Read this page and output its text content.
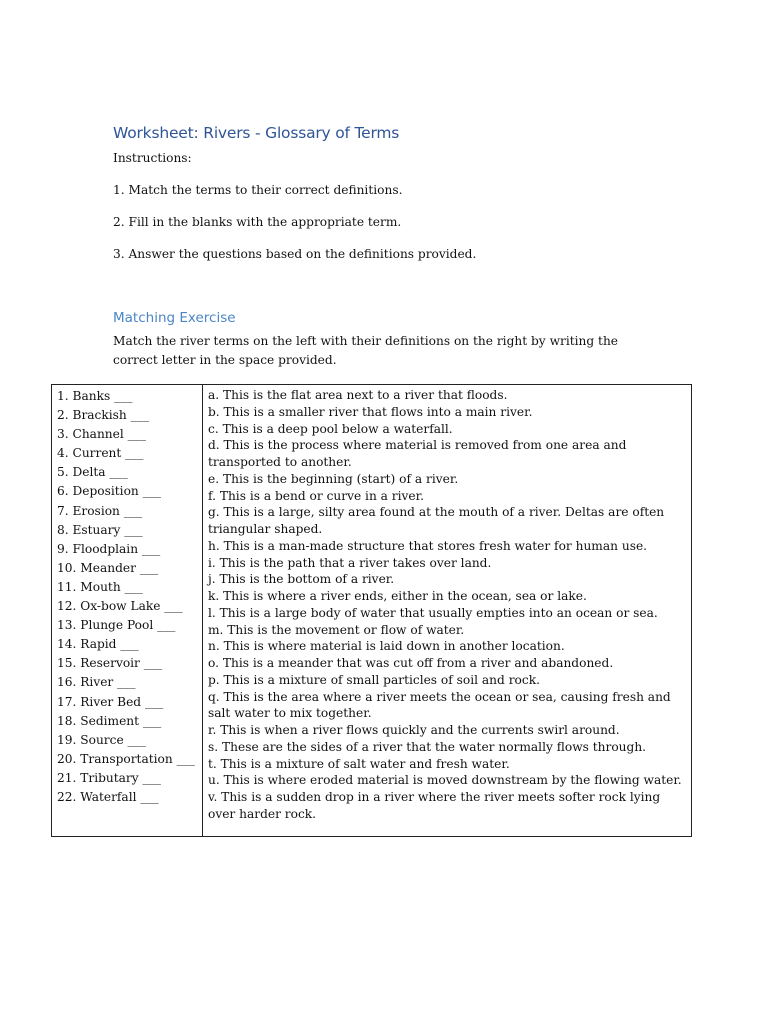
Worksheet: Rivers - Glossary of Terms
Instructions:
1. Match the terms to their correct definitions.
2. Fill in the blanks with the appropriate term.
3. Answer the questions based on the definitions provided.
Matching Exercise
Match the river terms on the left with their definitions on the right by writing the correct letter in the space provided.
1. Banks ___
2. Brackish ___
3. Channel ___
4. Current ___
5. Delta ___
6. Deposition ___
7. Erosion ___
8. Estuary ___
9. Floodplain ___
10. Meander ___
11. Mouth ___
12. Ox-bow Lake ___
13. Plunge Pool ___
14. Rapid ___
15. Reservoir ___
16. River ___
17. River Bed ___
18. Sediment ___
19. Source ___
20. Transportation ___
21. Tributary ___
22. Waterfall ___

a. This is the flat area next to a river that floods.
b. This is a smaller river that flows into a main river.
c. This is a deep pool below a waterfall.
d. This is the process where material is removed from one area and transported to another.
e. This is the beginning (start) of a river.
f. This is a bend or curve in a river.
g. This is a large, silty area found at the mouth of a river. Deltas are often triangular shaped.
h. This is a man-made structure that stores fresh water for human use.
i. This is the path that a river takes over land.
j. This is the bottom of a river.
k. This is where a river ends, either in the ocean, sea or lake.
l. This is a large body of water that usually empties into an ocean or sea.
m. This is the movement or flow of water.
n. This is where material is laid down in another location.
o. This is a meander that was cut off from a river and abandoned.
p. This is a mixture of small particles of soil and rock.
q. This is the area where a river meets the ocean or sea, causing fresh and salt water to mix together.
r. This is when a river flows quickly and the currents swirl around.
s. These are the sides of a river that the water normally flows through.
t. This is a mixture of salt water and fresh water.
u. This is where eroded material is moved downstream by the flowing water.
v. This is a sudden drop in a river where the river meets softer rock lying over harder rock.
